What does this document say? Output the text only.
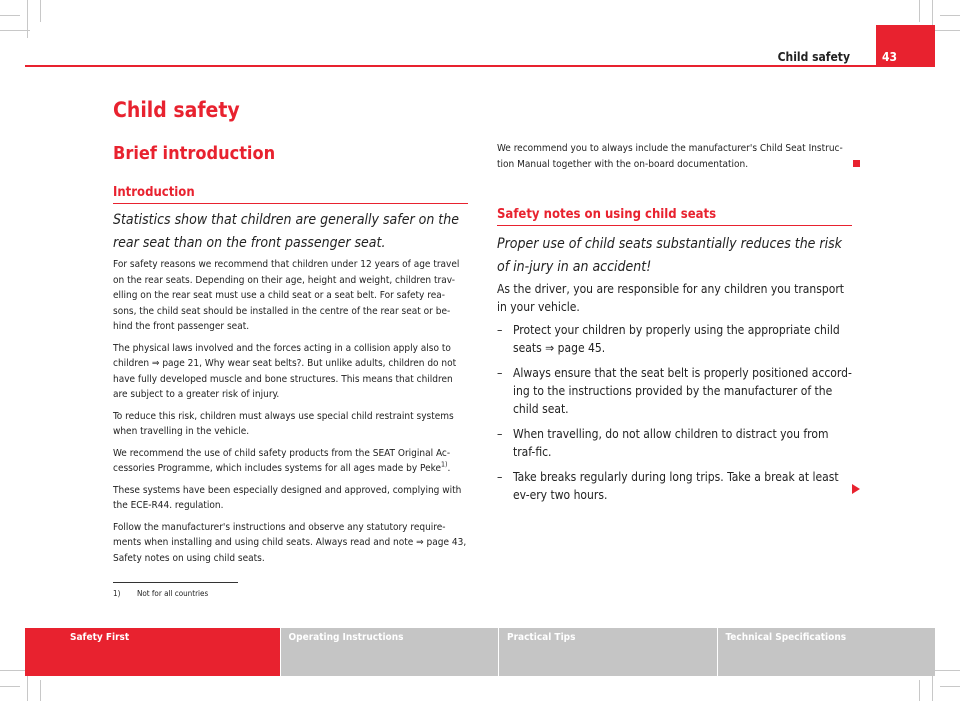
Child safety	43
Child safety
Brief introduction
Introduction

Statistics show that children are generally safer on the rear seat than on the front passenger seat.

For safety reasons we recommend that children under 12 years of age travel on the rear seats. Depending on their age, height and weight, children trav-elling on the rear seat must use a child seat or a seat belt. For safety rea-sons, the child seat should be installed in the centre of the rear seat or be-hind the front passenger seat.

The physical laws involved and the forces acting in a collision apply also to children ⇒ page 21, Why wear seat belts?. But unlike adults, children do not have fully developed muscle and bone structures. This means that children are subject to a greater risk of injury.

To reduce this risk, children must always use special child restraint systems when travelling in the vehicle.

We recommend the use of child safety products from the SEAT Original Ac-cessories Programme, which includes systems for all ages made by Peke$^{1)}$.

These systems have been especially designed and approved, complying with the ECE-R44. regulation.

Follow the manufacturer's instructions and observe any statutory require-ments when installing and using child seats. Always read and note ⇒ page 43, Safety notes on using child seats.

We recommend you to always include the manufacturer's Child Seat Instruc-tion Manual together with the on-board documentation.

Safety notes on using child seats

Proper use of child seats substantially reduces the risk of in-jury in an accident!

As the driver, you are responsible for any children you transport in your vehicle.

– Protect your children by properly using the appropriate child seats ⇒ page 45.
– Always ensure that the seat belt is properly positioned accord-ing to the instructions provided by the manufacturer of the child seat.
– When travelling, do not allow children to distract you from traf-fic.
– Take breaks regularly during long trips. Take a break at least ev-ery two hours.
1) Not for all countries
Safety First	Operating Instructions	Practical Tips	Technical Specifications
